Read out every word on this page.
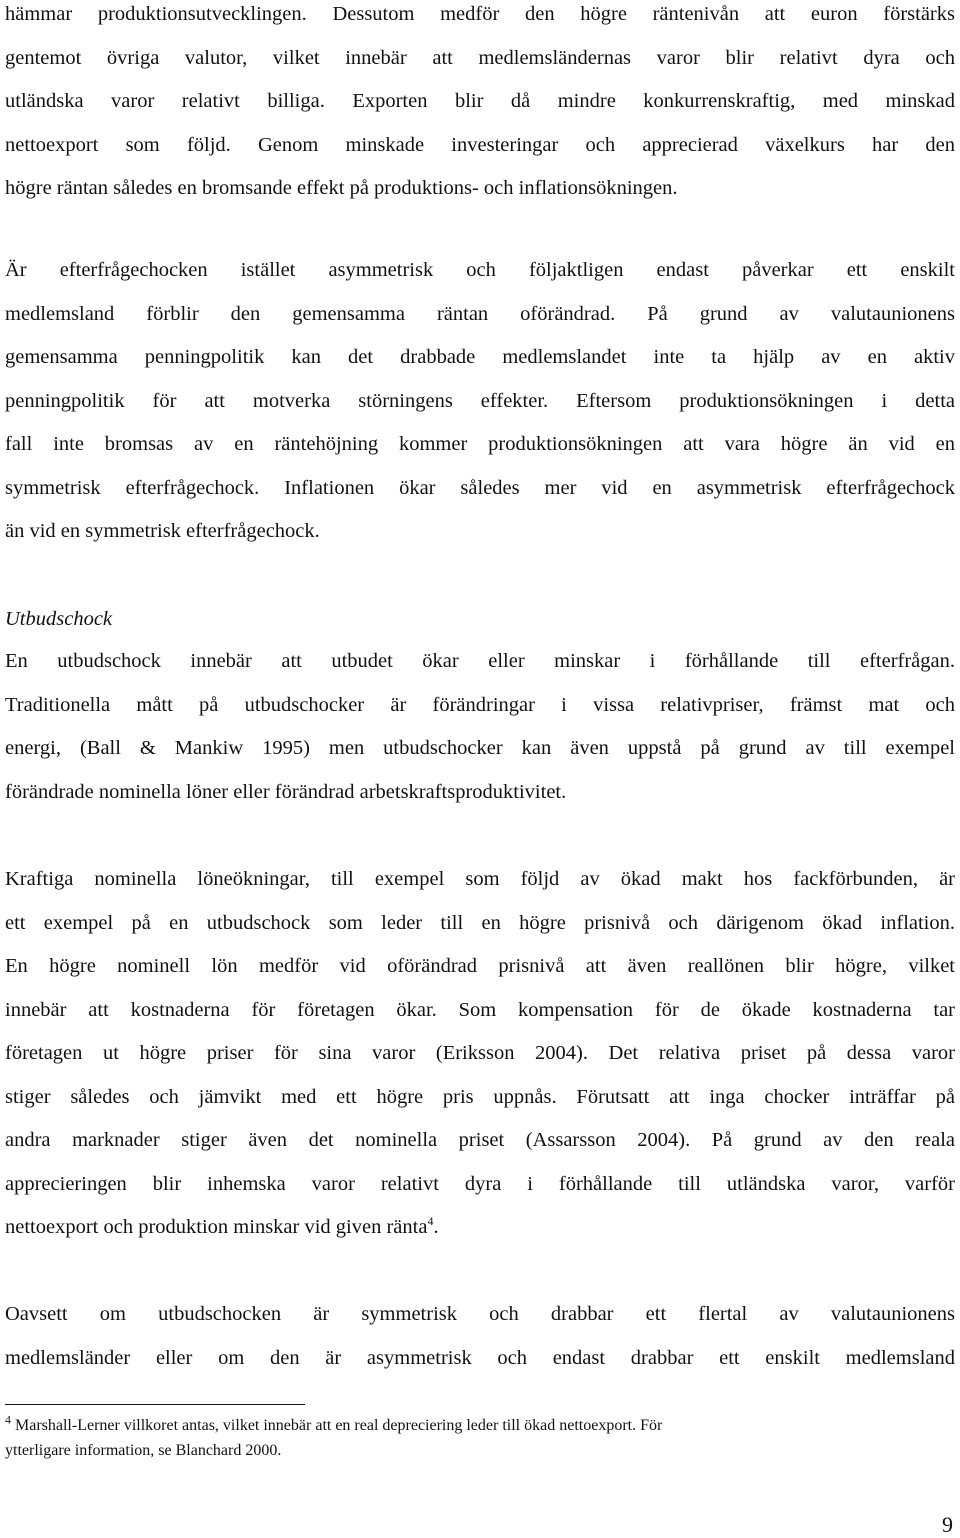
hämmar produktionsutvecklingen. Dessutom medför den högre räntenivån att euron förstärks
gentemot övriga valutor, vilket innebär att medlemsländernas varor blir relativt dyra och
utländska varor relativt billiga. Exporten blir då mindre konkurrenskraftig, med minskad
nettoexport som följd. Genom minskade investeringar och apprecierad växelkurs har den
högre räntan således en bromsande effekt på produktions- och inflationsökningen.
Är efterfrågechocken istället asymmetrisk och följaktligen endast påverkar ett enskilt
medlemsland förblir den gemensamma räntan oförändrad. På grund av valutaunionens
gemensamma penningpolitik kan det drabbade medlemslandet inte ta hjälp av en aktiv
penningpolitik för att motverka störningens effekter. Eftersom produktionsökningen i detta
fall inte bromsas av en räntehöjning kommer produktionsökningen att vara högre än vid en
symmetrisk efterfrågechock. Inflationen ökar således mer vid en asymmetrisk efterfrågechock
än vid en symmetrisk efterfrågechock.
Utbudschock
En utbudschock innebär att utbudet ökar eller minskar i förhållande till efterfrågan.
Traditionella mått på utbudschocker är förändringar i vissa relativpriser, främst mat och
energi, (Ball & Mankiw 1995) men utbudschocker kan även uppstå på grund av till exempel
förändrade nominella löner eller förändrad arbetskraftsproduktivitet.
Kraftiga nominella löneökningar, till exempel som följd av ökad makt hos fackförbunden, är
ett exempel på en utbudschock som leder till en högre prisnivå och därigenom ökad inflation.
En högre nominell lön medför vid oförändrad prisnivå att även reallönen blir högre, vilket
innebär att kostnaderna för företagen ökar. Som kompensation för de ökade kostnaderna tar
företagen ut högre priser för sina varor (Eriksson 2004). Det relativa priset på dessa varor
stiger således och jämvikt med ett högre pris uppnås. Förutsatt att inga chocker inträffar på
andra marknader stiger även det nominella priset (Assarsson 2004). På grund av den reala
apprecieringen blir inhemska varor relativt dyra i förhållande till utländska varor, varför
nettoexport och produktion minskar vid given ränta$^4$.
Oavsett om utbudschocken är symmetrisk och drabbar ett flertal av valutaunionens
medlemsländer eller om den är asymmetrisk och endast drabbar ett enskilt medlemsland
$^4$ Marshall-Lerner villkoret antas, vilket innebär att en real depreciering leder till ökad nettoexport. För
ytterligare information, se Blanchard 2000.
9
